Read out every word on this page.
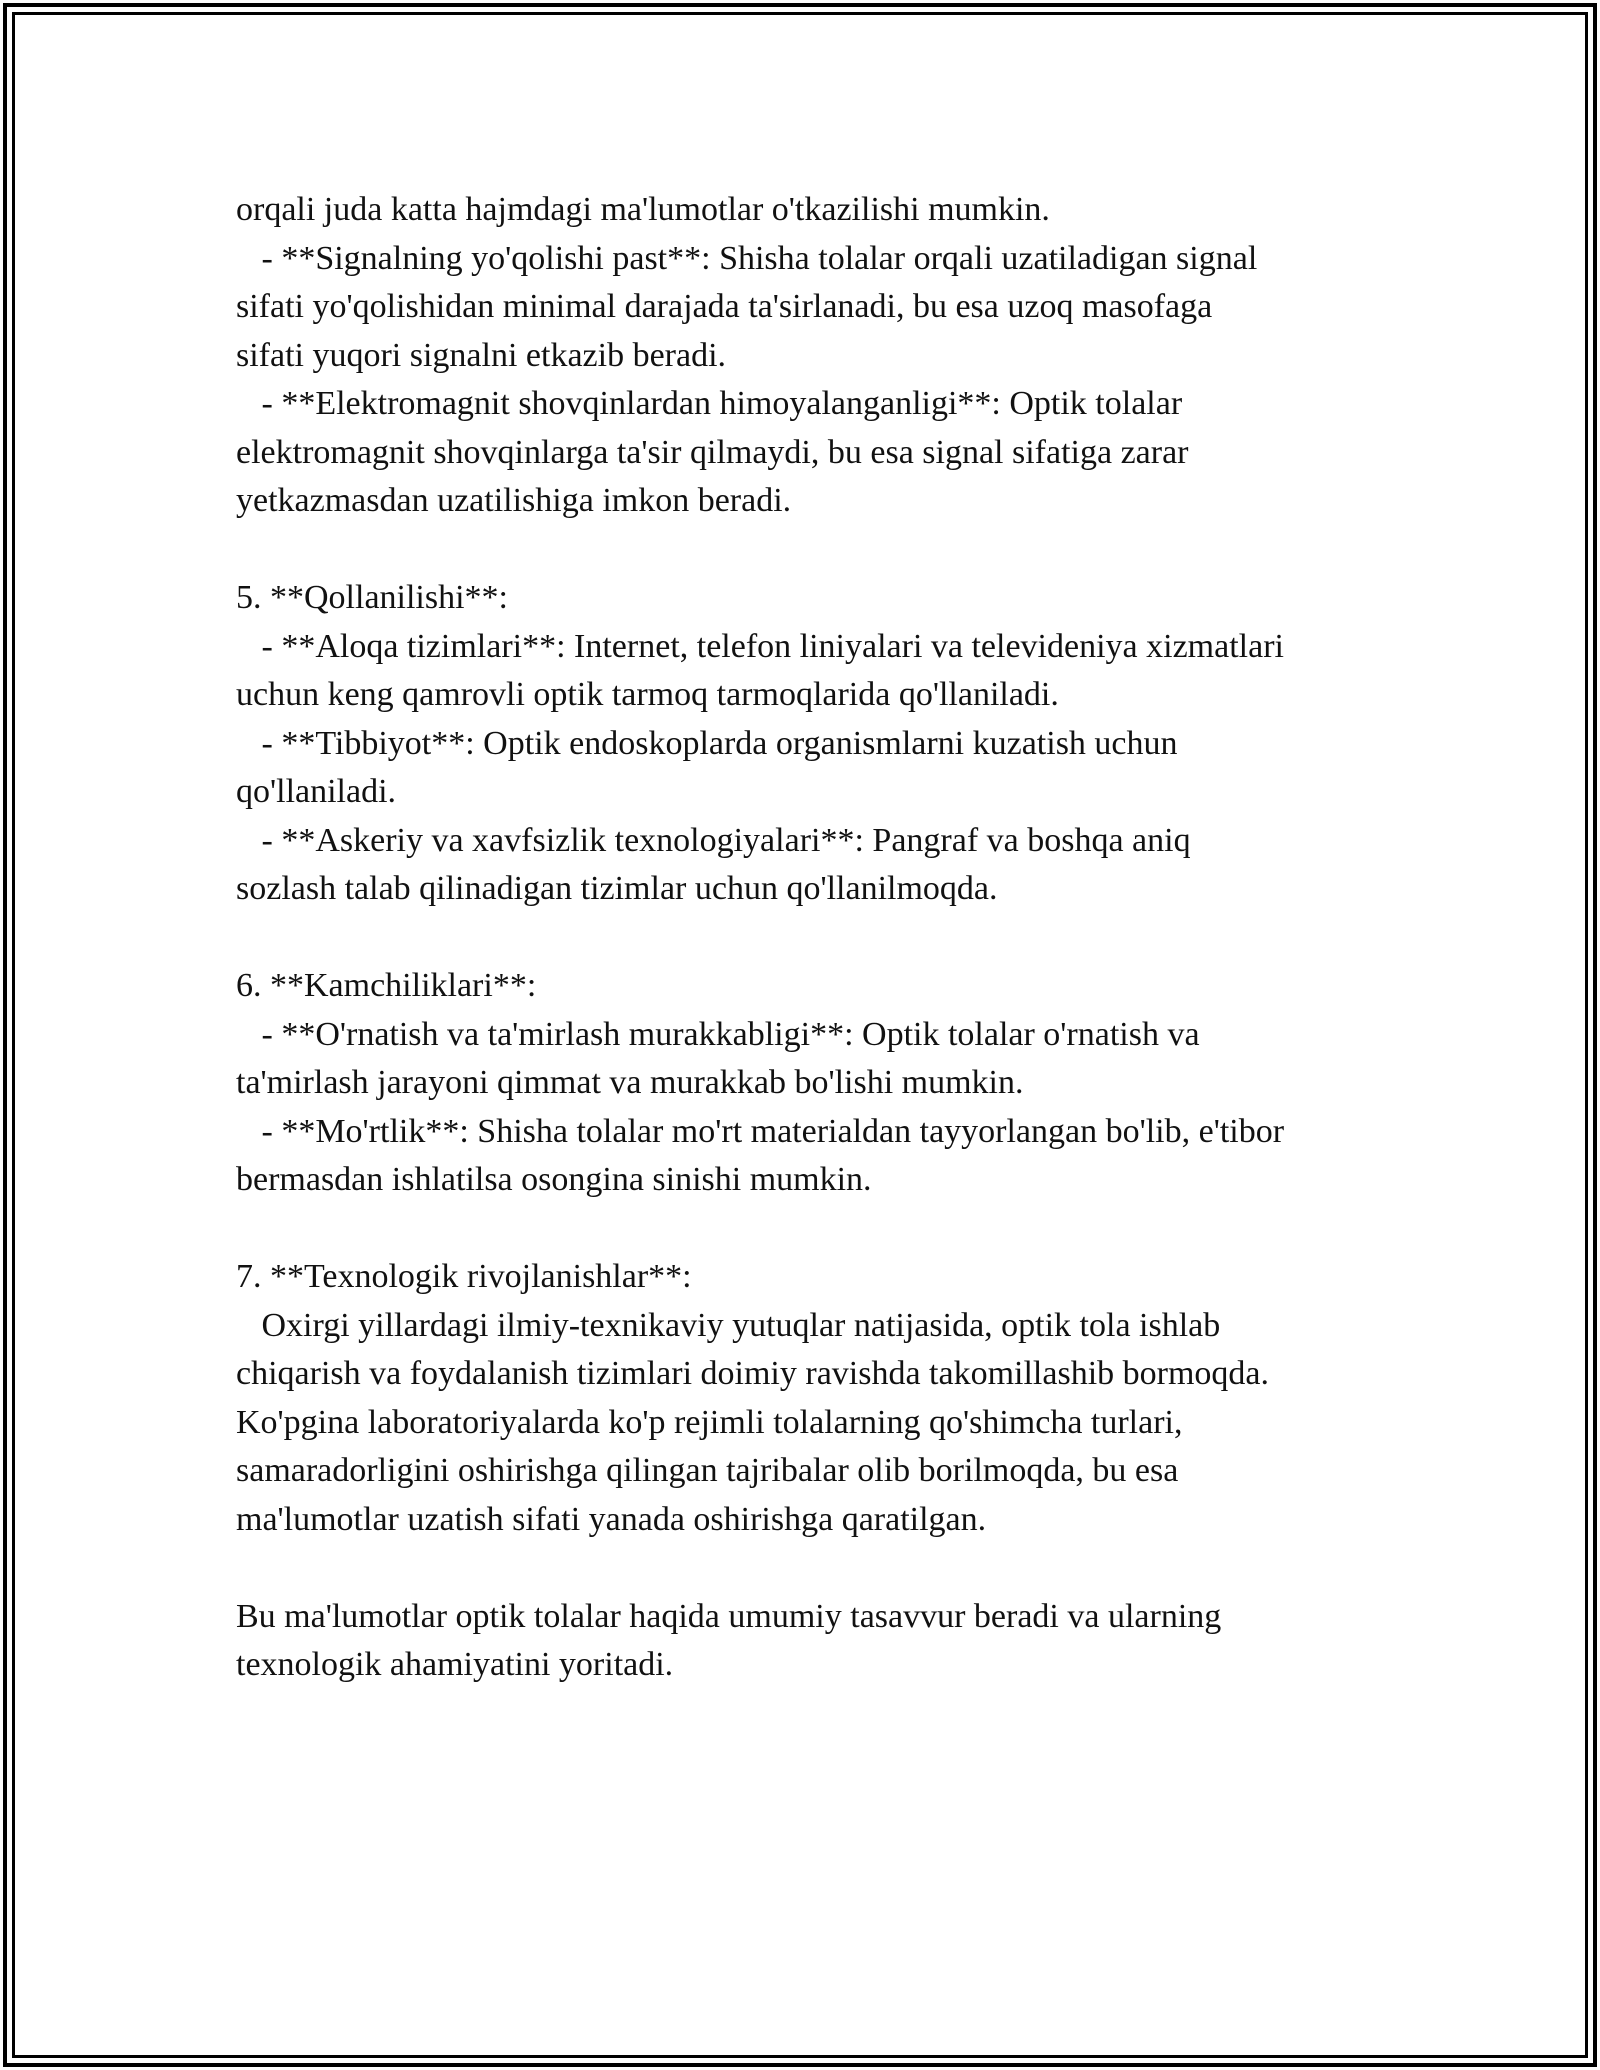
orqali juda katta hajmdagi ma'lumotlar o'tkazilishi mumkin.
- **Signalning yo'qolishi past**: Shisha tolalar orqali uzatiladigan signal
sifati yo'qolishidan minimal darajada ta'sirlanadi, bu esa uzoq masofaga
sifati yuqori signalni etkazib beradi.
- **Elektromagnit shovqinlardan himoyalanganligi**: Optik tolalar
elektromagnit shovqinlarga ta'sir qilmaydi, bu esa signal sifatiga zarar
yetkazmasdan uzatilishiga imkon beradi.
5. **Qollanilishi**:
- **Aloqa tizimlari**: Internet, telefon liniyalari va televideniya xizmatlari
uchun keng qamrovli optik tarmoq tarmoqlarida qo'llaniladi.
- **Tibbiyot**: Optik endoskoplarda organismlarni kuzatish uchun
qo'llaniladi.
- **Askeriy va xavfsizlik texnologiyalari**: Pangraf va boshqa aniq
sozlash talab qilinadigan tizimlar uchun qo'llanilmoqda.
6. **Kamchiliklari**:
- **O'rnatish va ta'mirlash murakkabligi**: Optik tolalar o'rnatish va
ta'mirlash jarayoni qimmat va murakkab bo'lishi mumkin.
- **Mo'rtlik**: Shisha tolalar mo'rt materialdan tayyorlangan bo'lib, e'tibor
bermasdan ishlatilsa osongina sinishi mumkin.
7. **Texnologik rivojlanishlar**:
Oxirgi yillardagi ilmiy-texnikaviy yutuqlar natijasida, optik tola ishlab
chiqarish va foydalanish tizimlari doimiy ravishda takomillashib bormoqda.
Ko'pgina laboratoriyalarda ko'p rejimli tolalarning qo'shimcha turlari,
samaradorligini oshirishga qilingan tajribalar olib borilmoqda, bu esa
ma'lumotlar uzatish sifati yanada oshirishga qaratilgan.
Bu ma'lumotlar optik tolalar haqida umumiy tasavvur beradi va ularning
texnologik ahamiyatini yoritadi.
